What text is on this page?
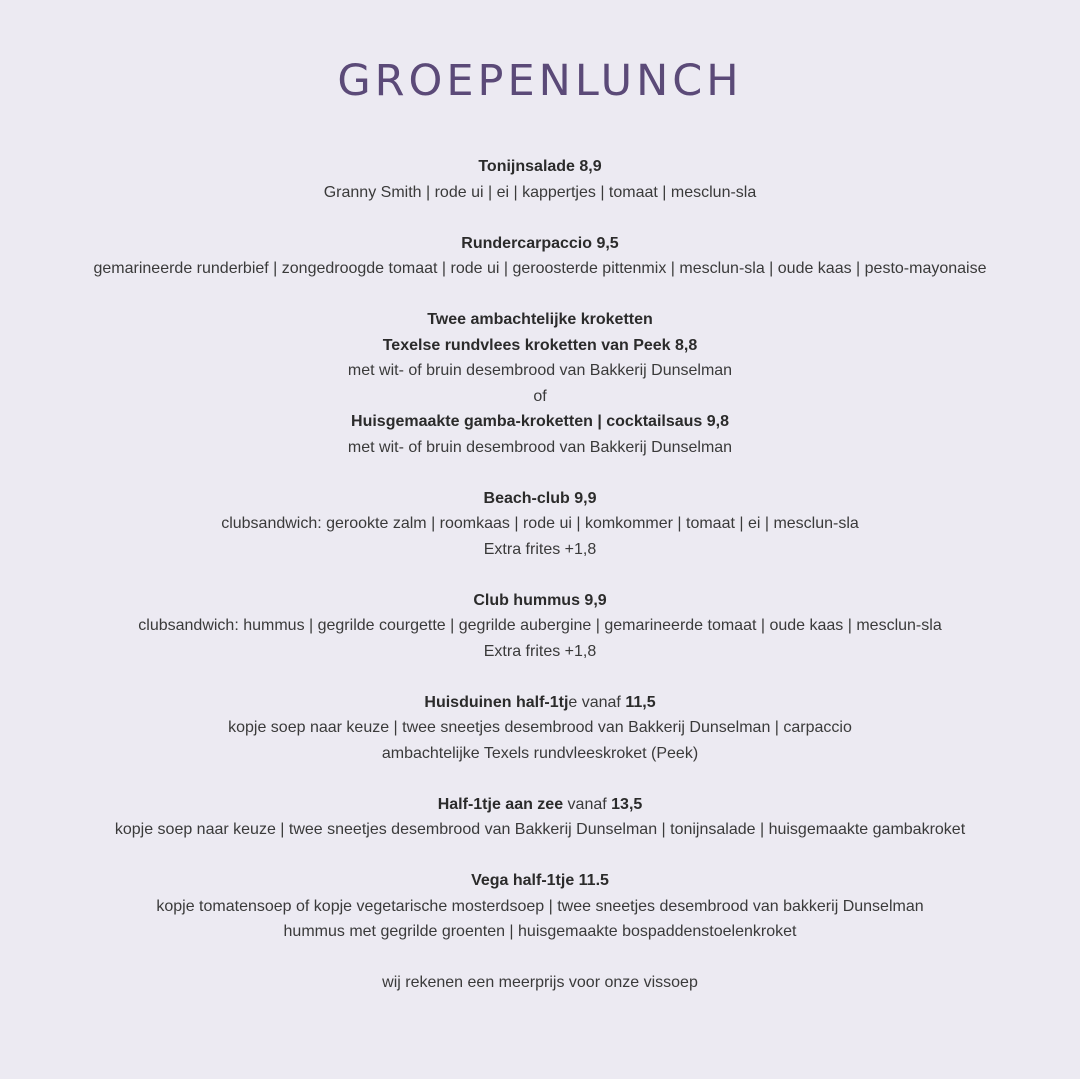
GROEPENLUNCH
Tonijnsalade 8,9
Granny Smith | rode ui | ei | kappertjes | tomaat | mesclun-sla
Rundercarpaccio 9,5
gemarineerde runderbief | zongedroogde tomaat | rode ui | geroosterde pittenmix | mesclun-sla | oude kaas | pesto-mayonaise
Twee ambachtelijke kroketten
Texelse rundvlees kroketten van Peek 8,8
met wit- of bruin desembrood van Bakkerij Dunselman
of
Huisgemaakte gamba-kroketten | cocktailsaus 9,8
met wit- of bruin desembrood van Bakkerij Dunselman
Beach-club 9,9
clubsandwich: gerookte zalm | roomkaas | rode ui | komkommer | tomaat | ei | mesclun-sla
Extra frites +1,8
Club hummus 9,9
clubsandwich: hummus | gegrilde courgette | gegrilde aubergine | gemarineerde tomaat | oude kaas | mesclun-sla
Extra frites +1,8
Huisduinen half-1tje vanaf 11,5
kopje soep naar keuze | twee sneetjes desembrood van Bakkerij Dunselman | carpaccio
ambachtelijke Texels rundvleeskroket (Peek)
Half-1tje aan zee vanaf 13,5
kopje soep naar keuze | twee sneetjes desembrood van Bakkerij Dunselman | tonijnsalade | huisgemaakte gambakroket
Vega half-1tje 11.5
kopje tomatensoep of kopje vegetarische mosterdsoep | twee sneetjes desembrood van bakkerij Dunselman
hummus met gegrilde groenten | huisgemaakte bospaddenstoelenkroket
wij rekenen een meerprijs voor onze vissoep
